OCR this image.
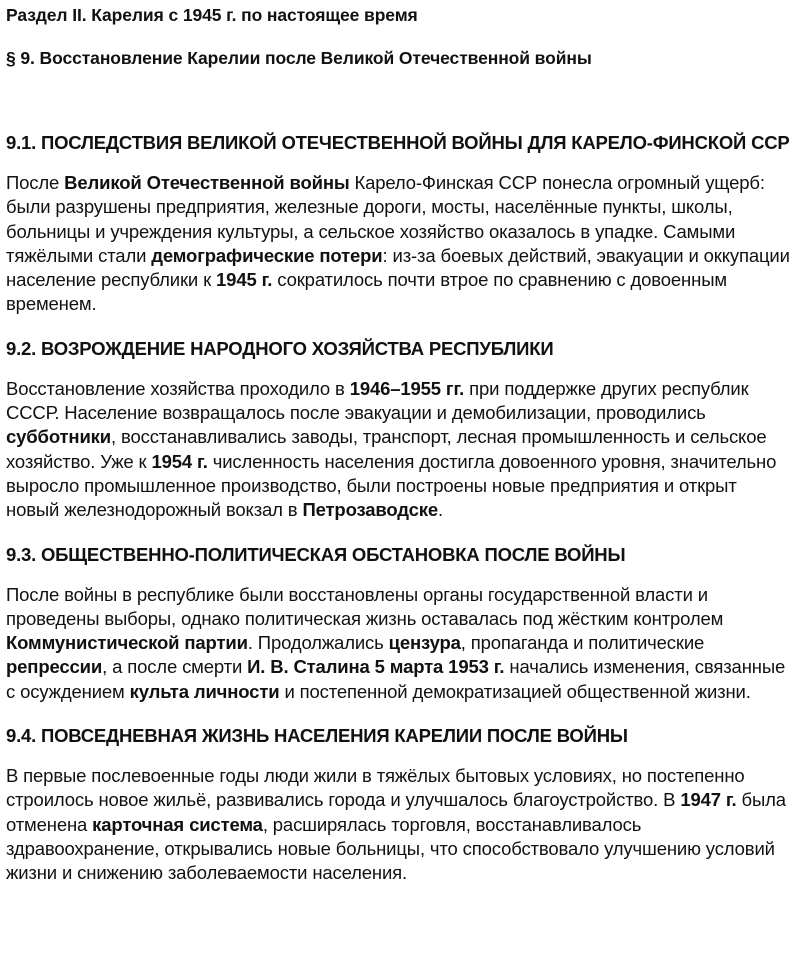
Раздел II. Карелия с 1945 г. по настоящее время
§ 9. Восстановление Карелии после Великой Отечественной войны
9.1. ПОСЛЕДСТВИЯ ВЕЛИКОЙ ОТЕЧЕСТВЕННОЙ ВОЙНЫ ДЛЯ КАРЕЛО-ФИНСКОЙ ССР

После Великой Отечественной войны Карело-Финская ССР понесла огромный ущерб: были разрушены предприятия, железные дороги, мосты, населённые пункты, школы, больницы и учреждения культуры, а сельское хозяйство оказалось в упадке. Самыми тяжёлыми стали демографические потери: из-за боевых действий, эвакуации и оккупации население республики к 1945 г. сократилось почти втрое по сравнению с довоенным временем.

9.2. ВОЗРОЖДЕНИЕ НАРОДНОГО ХОЗЯЙСТВА РЕСПУБЛИКИ

Восстановление хозяйства проходило в 1946–1955 гг. при поддержке других республик СССР. Население возвращалось после эвакуации и демобилизации, проводились субботники, восстанавливались заводы, транспорт, лесная промышленность и сельское хозяйство. Уже к 1954 г. численность населения достигла довоенного уровня, значительно выросло промышленное производство, были построены новые предприятия и открыт новый железнодорожный вокзал в Петрозаводске.

9.3. ОБЩЕСТВЕННО-ПОЛИТИЧЕСКАЯ ОБСТАНОВКА ПОСЛЕ ВОЙНЫ

После войны в республике были восстановлены органы государственной власти и проведены выборы, однако политическая жизнь оставалась под жёстким контролем Коммунистической партии. Продолжались цензура, пропаганда и политические репрессии, а после смерти И. В. Сталина 5 марта 1953 г. начались изменения, связанные с осуждением культа личности и постепенной демократизацией общественной жизни.

9.4. ПОВСЕДНЕВНАЯ ЖИЗНЬ НАСЕЛЕНИЯ КАРЕЛИИ ПОСЛЕ ВОЙНЫ

В первые послевоенные годы люди жили в тяжёлых бытовых условиях, но постепенно строилось новое жильё, развивались города и улучшалось благоустройство. В 1947 г. была отменена карточная система, расширялась торговля, восстанавливалось здравоохранение, открывались новые больницы, что способствовало улучшению условий жизни и снижению заболеваемости населения.
